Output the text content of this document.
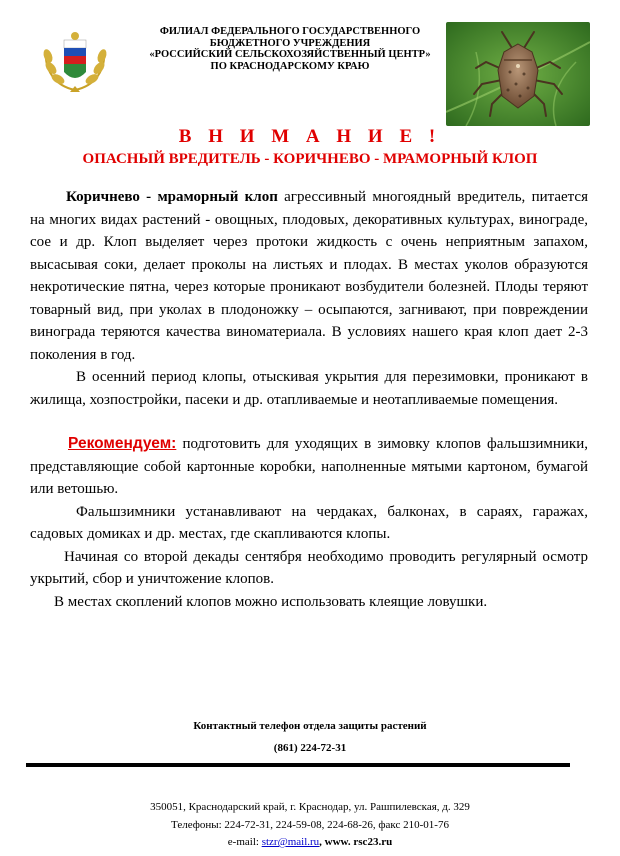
ФИЛИАЛ ФЕДЕРАЛЬНОГО ГОСУДАРСТВЕННОГО
БЮДЖЕТНОГО УЧРЕЖДЕНИЯ
«РОССИЙСКИЙ СЕЛЬСКОХОЗЯЙСТВЕННЫЙ ЦЕНТР»
ПО КРАСНОДАРСКОМУ КРАЮ
В Н И М А Н И Е !
ОПАСНЫЙ ВРЕДИТЕЛЬ - КОРИЧНЕВО - МРАМОРНЫЙ КЛОП

Коричнево - мраморный клоп агрессивный многоядный вредитель, питается на многих видах растений - овощных, плодовых, декоративных культурах, винограде, сое и др. Клоп выделяет через протоки жидкость с очень неприятным запахом, высасывая соки, делает проколы на листьях и плодах. В местах уколов образуются некротические пятна, через которые проникают возбудители болезней. Плоды теряют товарный вид, при уколах в плодоножку – осыпаются, загнивают, при повреждении винограда теряются качества виноматериала. В условиях нашего края клоп дает 2-3 поколения в год.

В осенний период клопы, отыскивая укрытия для перезимовки, проникают в жилища, хозпостройки, пасеки и др. отапливаемые и неотапливаемые помещения.

Рекомендуем: подготовить для уходящих в зимовку клопов фальшзимники, представляющие собой картонные коробки, наполненные мятыми картоном, бумагой или ветошью.

Фальшзимники устанавливают на чердаках, балконах, в сараях, гаражах, садовых домиках и др. местах, где скапливаются клопы.

Начиная со второй декады сентября необходимо проводить регулярный осмотр укрытий, сбор и уничтожение клопов.

В местах скоплений клопов можно использовать клеящие ловушки.

Контактный телефон отдела защиты растений
(861) 224-72-31
350051, Краснодарский край, г. Краснодар, ул. Рашпилевская, д. 329
Телефоны: 224-72-31, 224-59-08, 224-68-26, факс 210-01-76
e-mail: stzr@mail.ru, www. rsc23.ru
